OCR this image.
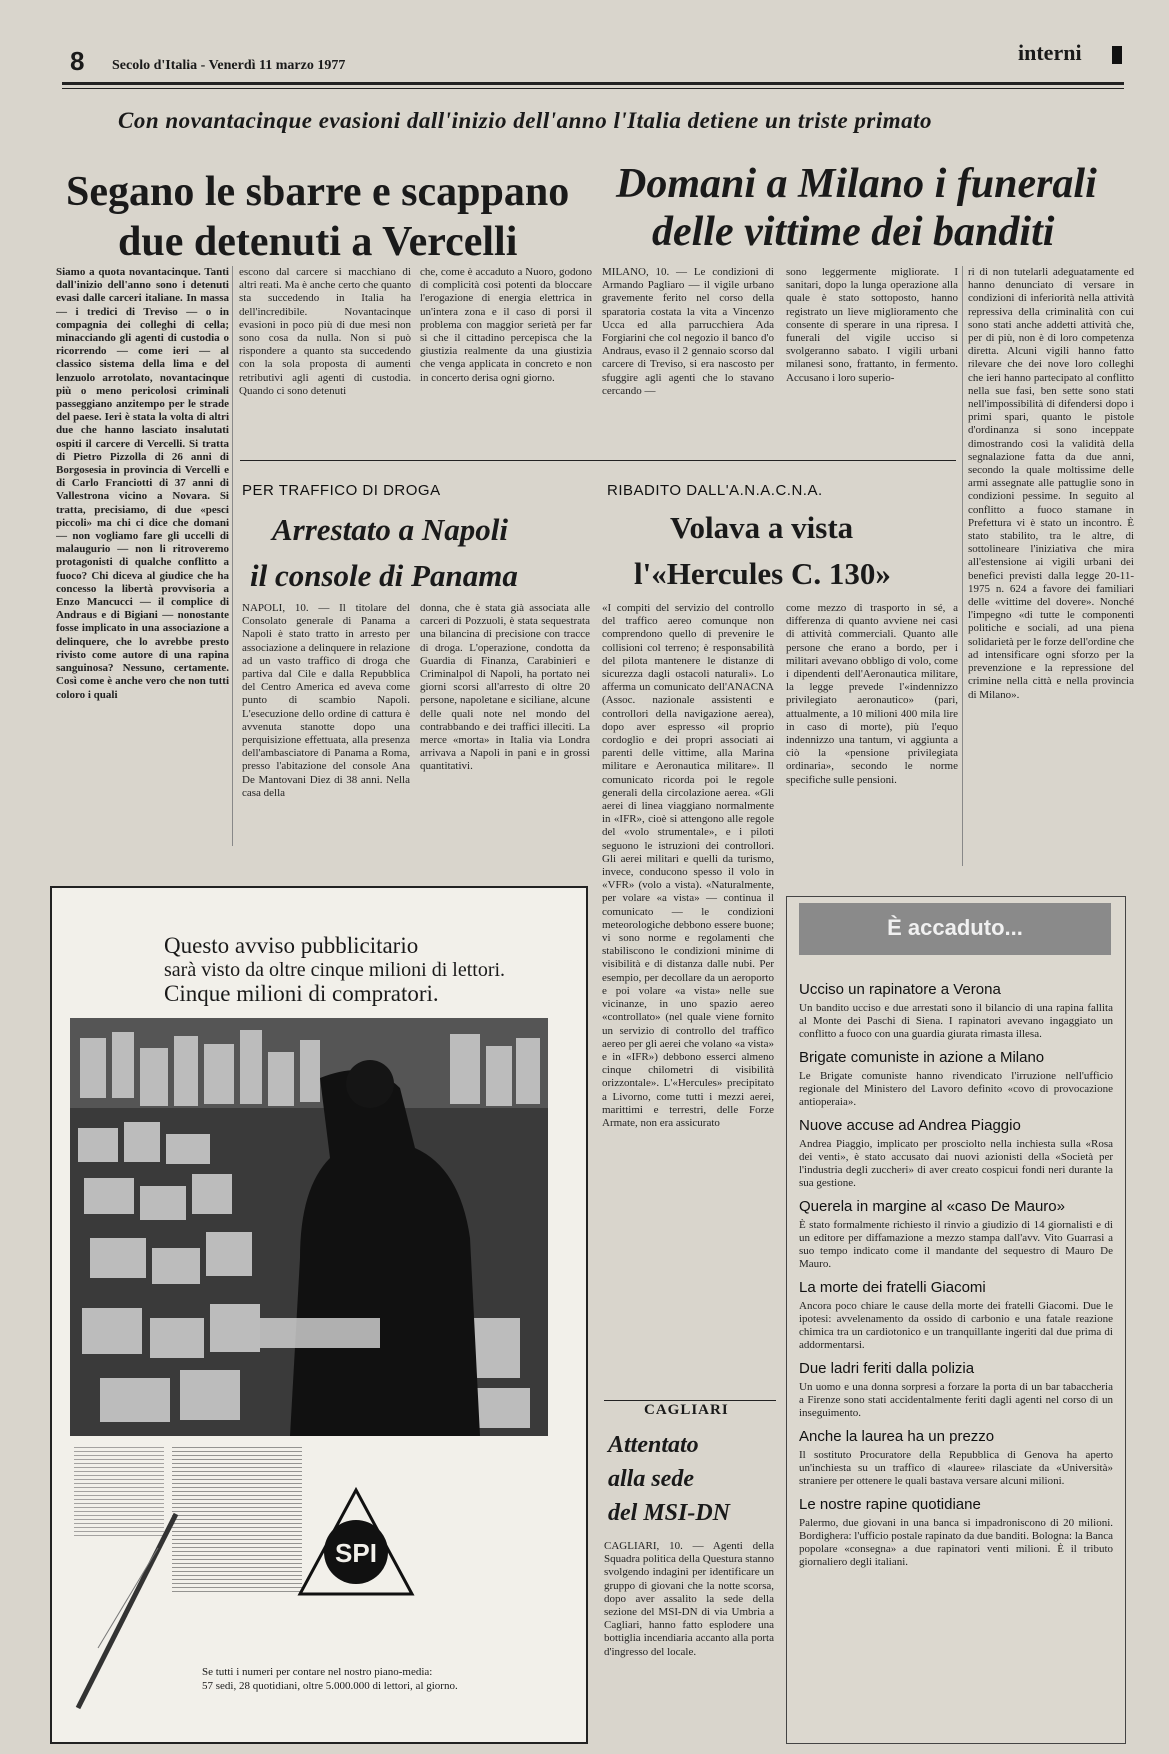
8 Secolo d'Italia - Venerdì 11 marzo 1977
interni
Con novantacinque evasioni dall'inizio dell'anno l'Italia detiene un triste primato
Segano le sbarre e scappano
due detenuti a Vercelli
Domani a Milano i funerali
delle vittime dei banditi
Siamo a quota novantacinque. Tanti dall'inizio dell'anno sono i detenuti evasi dalle carceri italiane. In massa — i tredici di Treviso — o in compagnia dei colleghi di cella; minacciando gli agenti di custodia o ricorrendo — come ieri — al classico sistema della lima e del lenzuolo arrotolato, novantacinque più o meno pericolosi criminali passeggiano anzitempo per le strade del paese. Ieri è stata la volta di altri due che hanno lasciato insalutati ospiti il carcere di Vercelli. Si tratta di Pietro Pizzolla di 26 anni di Borgosesia in provincia di Vercelli e di Carlo Franciotti di 37 anni di Vallestrona vicino a Novara. Si tratta, precisiamo, di due «pesci piccoli» ma chi ci dice che domani — non vogliamo fare gli uccelli di malaugurio — non li ritroveremo protagonisti di qualche conflitto a fuoco? Chi diceva al giudice che ha concesso la libertà provvisoria a Enzo Mancucci — il complice di Andraus e di Bigiani — nonostante fosse implicato in una associazione a delinquere, che lo avrebbe presto rivisto come autore di una rapina sanguinosa? Nessuno, certamente. Così come è anche vero che non tutti coloro i quali
escono dal carcere si macchiano di altri reati. Ma è anche certo che quanto sta succedendo in Italia ha dell'incredibile. Novantacinque evasioni in poco più di due mesi non sono cosa da nulla. Non si può rispondere a quanto sta succedendo con la sola proposta di aumenti retributivi agli agenti di custodia. Quando ci sono detenuti
che, come è accaduto a Nuoro, godono di complicità così potenti da bloccare l'erogazione di energia elettrica in un'intera zona e il caso di porsi il problema con maggior serietà per far sì che il cittadino percepisca che la giustizia realmente da una giustizia che venga applicata in concreto e non in concerto derisa ogni giorno.
MILANO, 10. — Le condizioni di Armando Pagliaro — il vigile urbano gravemente ferito nel corso della sparatoria costata la vita a Vincenzo Ucca ed alla parrucchiera Ada Forgiarini che col negozio il banco d'o Andraus, evaso il 2 gennaio scorso dal carcere di Treviso, si era nascosto per sfuggire agli agenti che lo stavano cercando —
sono leggermente migliorate. I sanitari, dopo la lunga operazione alla quale è stato sottoposto, hanno registrato un lieve miglioramento che consente di sperare in una ripresa. I funerali del vigile ucciso si svolgeranno sabato. I vigili urbani milanesi sono, frattanto, in fermento. Accusano i loro superio-
ri di non tutelarli adeguatamente ed hanno denunciato di versare in condizioni di inferiorità nella attività repressiva della criminalità con cui sono stati anche addetti attività che, per di più, non è di loro competenza diretta. Alcuni vigili hanno fatto rilevare che dei nove loro colleghi che ieri hanno partecipato al conflitto nella sue fasi, ben sette sono stati nell'impossibilità di difendersi dopo i primi spari, quanto le pistole d'ordinanza si sono inceppate dimostrando così la validità della segnalazione fatta da due anni, secondo la quale moltissime delle armi assegnate alle pattuglie sono in condizioni pessime. In seguito al conflitto a fuoco stamane in Prefettura vi è stato un incontro. È stato stabilito, tra le altre, di sottolineare l'iniziativa che mira all'estensione ai vigili urbani dei benefici previsti dalla legge 20-11-1975 n. 624 a favore dei familiari delle «vittime del dovere». Nonché l'impegno «di tutte le componenti politiche e sociali, ad una piena solidarietà per le forze dell'ordine che ad intensificare ogni sforzo per la prevenzione e la repressione del crimine nella città e nella provincia di Milano».
PER TRAFFICO DI DROGA
Arrestato a Napoli
il console di Panama
NAPOLI, 10. — Il titolare del Consolato generale di Panama a Napoli è stato tratto in arresto per associazione a delinquere in relazione ad un vasto traffico di droga che partiva dal Cile e dalla Repubblica del Centro America ed aveva come punto di scambio Napoli. L'esecuzione dello ordine di cattura è avvenuta stanotte dopo una perquisizione effettuata, alla presenza dell'ambasciatore di Panama a Roma, presso l'abitazione del console Ana De Mantovani Diez di 38 anni. Nella casa della
donna, che è stata già associata alle carceri di Pozzuoli, è stata sequestrata una bilancina di precisione con tracce di droga. L'operazione, condotta da Guardia di Finanza, Carabinieri e Criminalpol di Napoli, ha portato nei giorni scorsi all'arresto di oltre 20 persone, napoletane e siciliane, alcune delle quali note nel mondo del contrabbando e dei traffici illeciti. La merce «morta» in Italia via Londra arrivava a Napoli in pani e in grossi quantitativi.
RIBADITO DALL'A.N.A.C.N.A.
Volava a vista
l'«Hercules C. 130»
«I compiti del servizio del controllo del traffico aereo comunque non comprendono quello di prevenire le collisioni col terreno; è responsabilità del pilota mantenere le distanze di sicurezza dagli ostacoli naturali». Lo afferma un comunicato dell'ANACNA (Assoc. nazionale assistenti e controllori della navigazione aerea), dopo aver espresso «il proprio cordoglio e dei propri associati ai parenti delle vittime, alla Marina militare e Aeronautica militare». Il comunicato ricorda poi le regole generali della circolazione aerea. «Gli aerei di linea viaggiano normalmente in «IFR», cioè si attengono alle regole del «volo strumentale», e i piloti seguono le istruzioni dei controllori. Gli aerei militari e quelli da turismo, invece, conducono spesso il volo in «VFR» (volo a vista). «Naturalmente, per volare «a vista» — continua il comunicato — le condizioni meteorologiche debbono essere buone; vi sono norme e regolamenti che stabiliscono le condizioni minime di visibilità e di distanza dalle nubi. Per esempio, per decollare da un aeroporto e poi volare «a vista» nelle sue vicinanze, in uno spazio aereo «controllato» (nel quale viene fornito un servizio di controllo del traffico aereo per gli aerei che volano «a vista» e in «IFR») debbono esserci almeno cinque chilometri di visibilità orizzontale». L'«Hercules» precipitato a Livorno, come tutti i mezzi aerei, marittimi e terrestri, delle Forze Armate, non era assicurato
come mezzo di trasporto in sé, a differenza di quanto avviene nei casi di attività commerciali. Quanto alle persone che erano a bordo, per i militari avevano obbligo di volo, come i dipendenti dell'Aeronautica militare, la legge prevede l'«indennizzo privilegiato aeronautico» (pari, attualmente, a 10 milioni 400 mila lire in caso di morte), più l'equo indennizzo una tantum, vi aggiunta a ciò la «pensione privilegiata ordinaria», secondo le norme specifiche sulle pensioni.
CAGLIARI
Attentato
alla sede
del MSI-DN
CAGLIARI, 10. — Agenti della Squadra politica della Questura stanno svolgendo indagini per identificare un gruppo di giovani che la notte scorsa, dopo aver assalito la sede della sezione del MSI-DN di via Umbria a Cagliari, hanno fatto esplodere una bottiglia incendiaria accanto alla porta d'ingresso del locale.
Questo avviso pubblicitario
sarà visto da oltre cinque milioni di lettori.
Cinque milioni di compratori.
SPI
Se tutti i numeri per contare nel nostro piano-media:
57 sedi, 28 quotidiani, oltre 5.000.000 di lettori, al giorno.
È accaduto...

Ucciso un rapinatore a Verona

Un bandito ucciso e due arrestati sono il bilancio di una rapina fallita al Monte dei Paschi di Siena. I rapinatori avevano ingaggiato un conflitto a fuoco con una guardia giurata rimasta illesa.

Brigate comuniste in azione a Milano

Le Brigate comuniste hanno rivendicato l'irruzione nell'ufficio regionale del Ministero del Lavoro definito «covo di provocazione antioperaia».

Nuove accuse ad Andrea Piaggio

Andrea Piaggio, implicato per prosciolto nella inchiesta sulla «Rosa dei venti», è stato accusato dai nuovi azionisti della «Società per l'industria degli zuccheri» di aver creato cospicui fondi neri durante la sua gestione.

Querela in margine al «caso De Mauro»

È stato formalmente richiesto il rinvio a giudizio di 14 giornalisti e di un editore per diffamazione a mezzo stampa dall'avv. Vito Guarrasi a suo tempo indicato come il mandante del sequestro di Mauro De Mauro.

La morte dei fratelli Giacomi

Ancora poco chiare le cause della morte dei fratelli Giacomi. Due le ipotesi: avvelenamento da ossido di carbonio e una fatale reazione chimica tra un cardiotonico e un tranquillante ingeriti dal due prima di addormentarsi.

Due ladri feriti dalla polizia

Un uomo e una donna sorpresi a forzare la porta di un bar tabaccheria a Firenze sono stati accidentalmente feriti dagli agenti nel corso di un inseguimento.

Anche la laurea ha un prezzo

Il sostituto Procuratore della Repubblica di Genova ha aperto un'inchiesta su un traffico di «lauree» rilasciate da «Università» straniere per ottenere le quali bastava versare alcuni milioni.

Le nostre rapine quotidiane

Palermo, due giovani in una banca si impadroniscono di 20 milioni. Bordighera: l'ufficio postale rapinato da due banditi. Bologna: la Banca popolare «consegna» a due rapinatori venti milioni. È il tributo giornaliero degli italiani.
